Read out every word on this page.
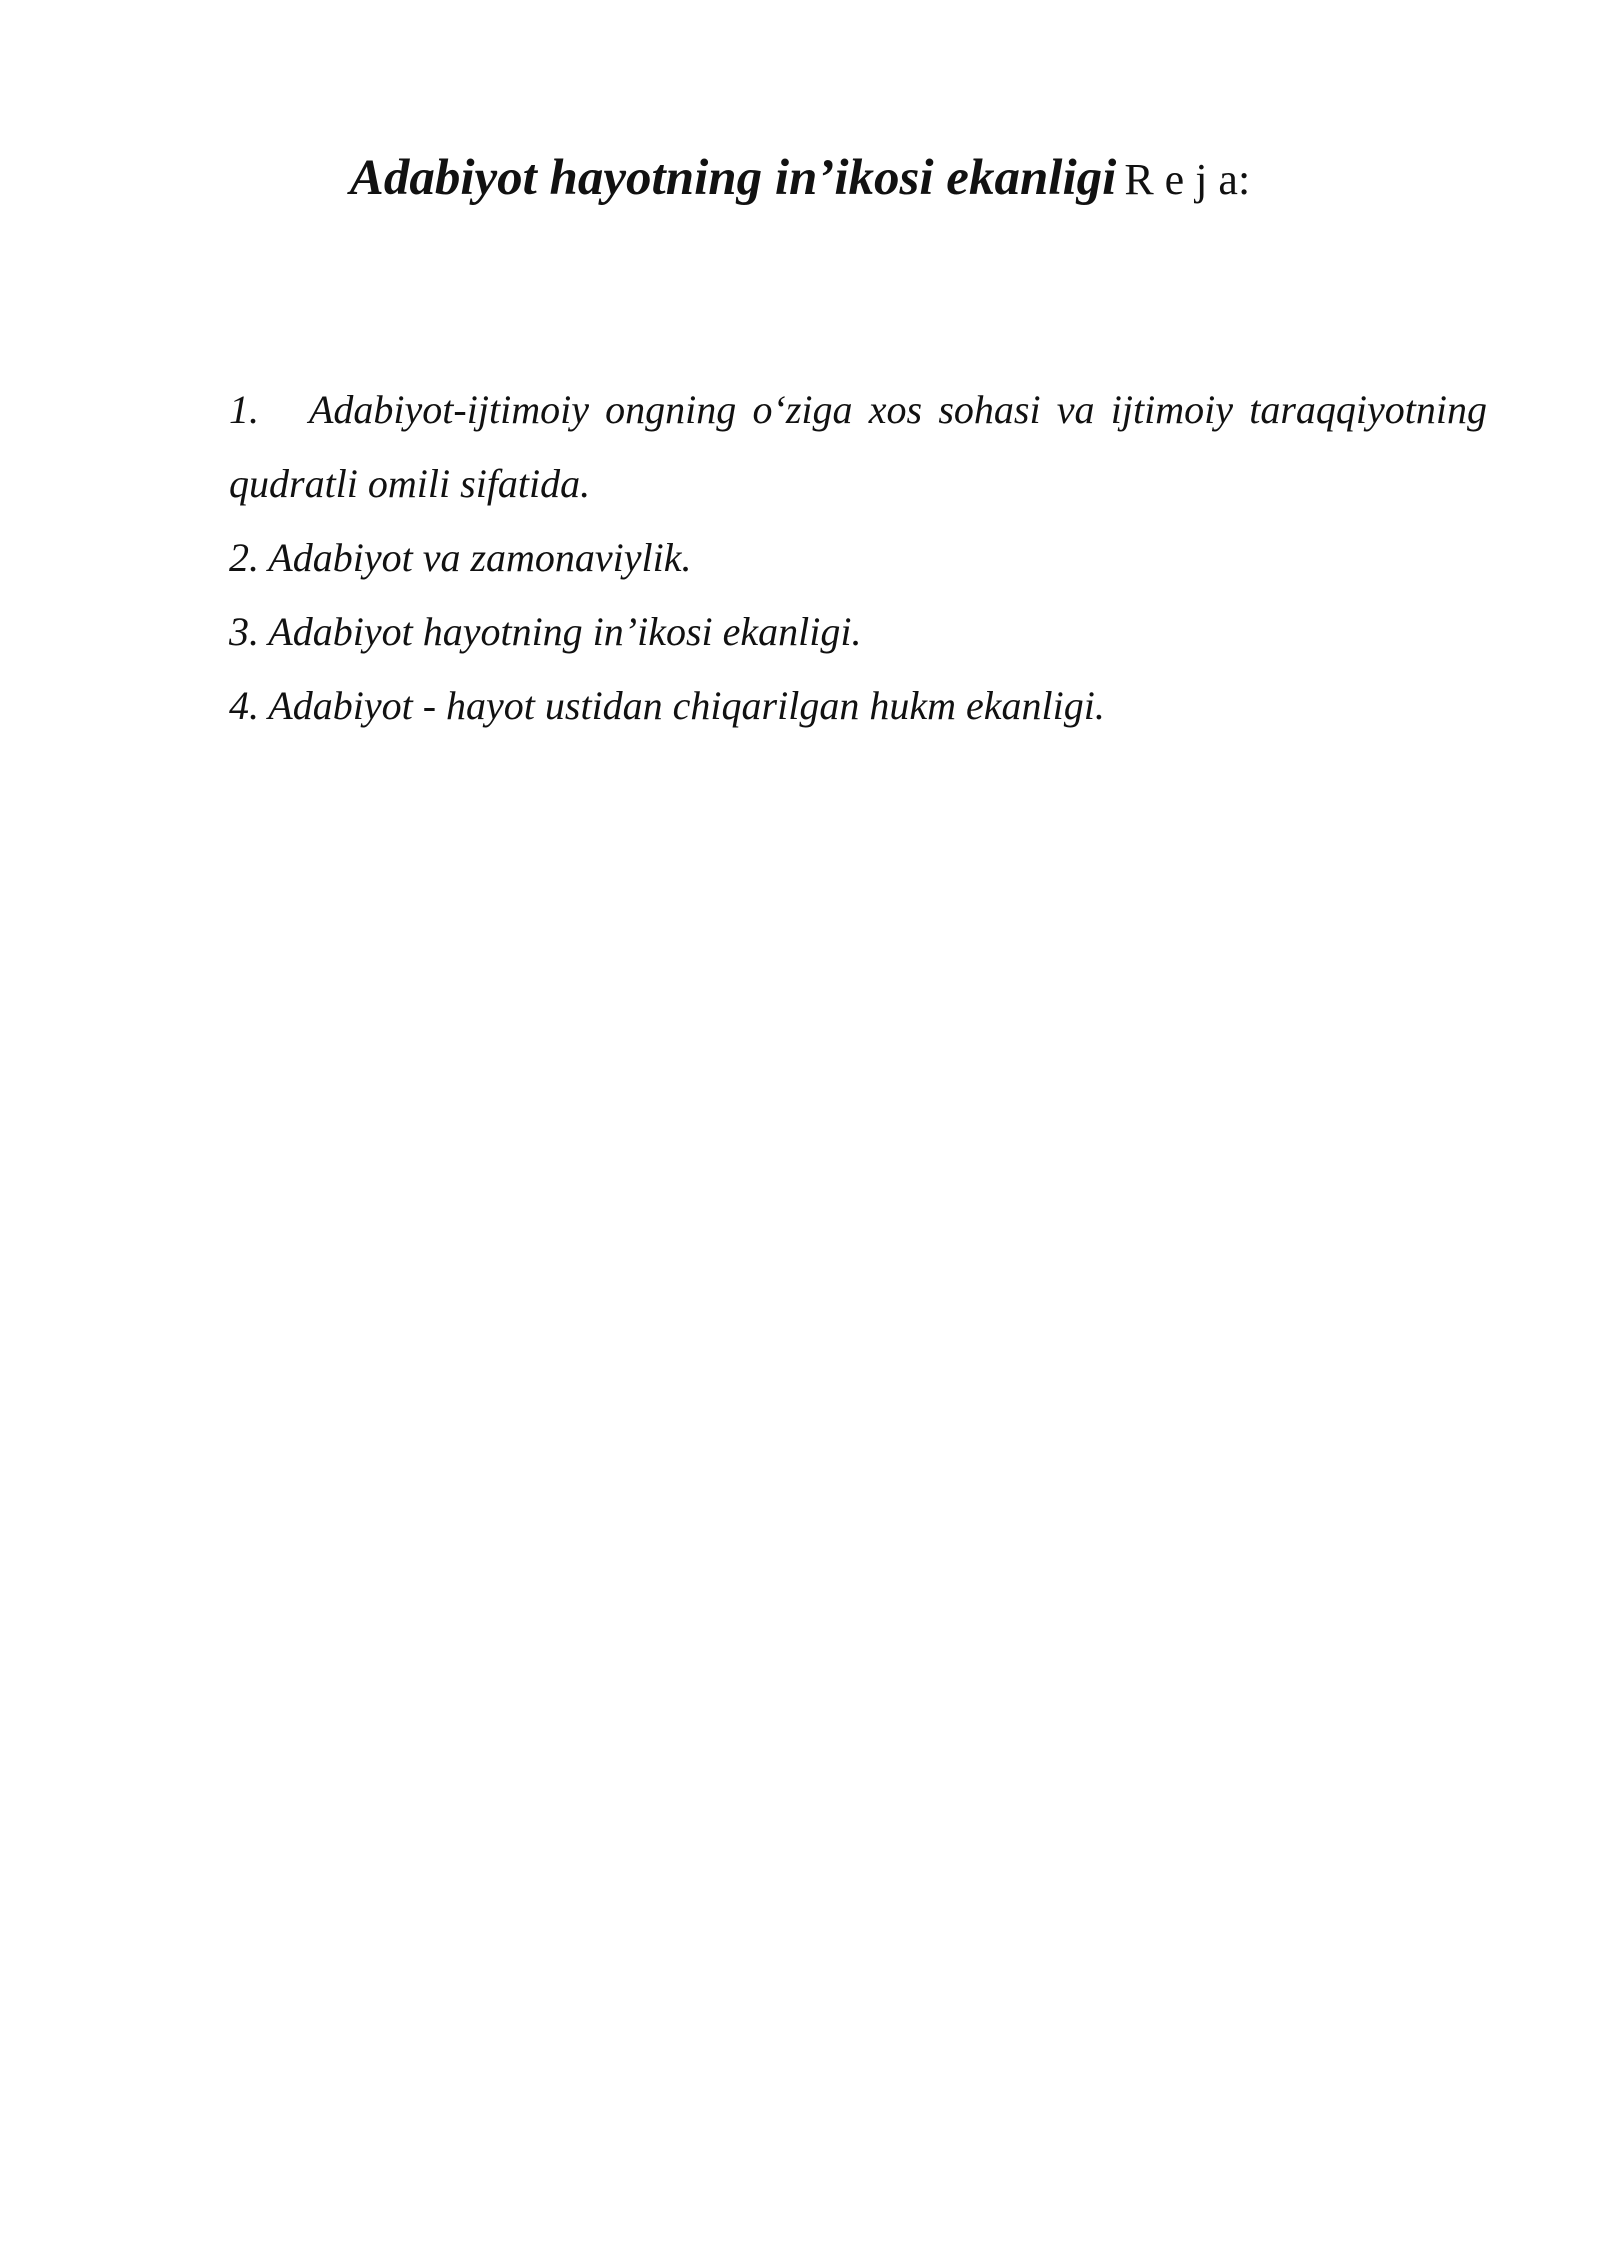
Adabiyot hayotning in’ikosi ekanligi R e j a:
1. Adabiyot-ijtimoiy ongning o‘ziga xos sohasi va ijtimoiy taraqqiyotning qudratli omili sifatida.
2. Adabiyot va zamonaviylik.
3. Adabiyot hayotning in’ikosi ekanligi.
4. Adabiyot - hayot ustidan chiqarilgan hukm ekanligi.
